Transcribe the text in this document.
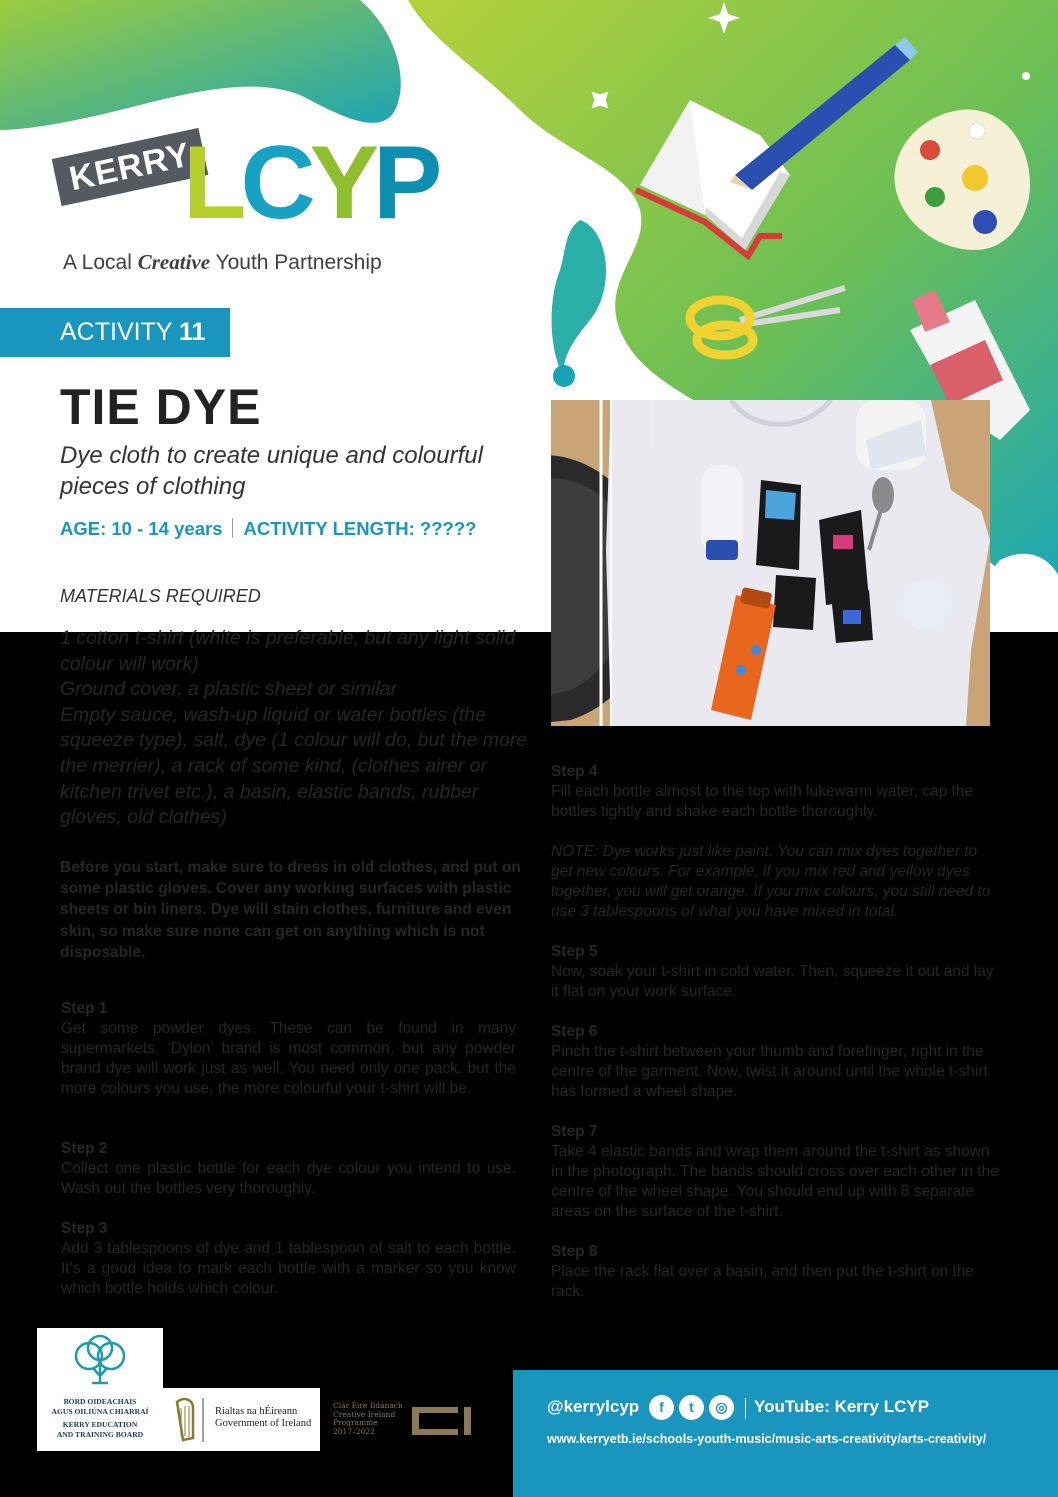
KERRY
LCYP
A Local Creative Youth Partnership
ACTIVITY 11
TIE DYE

Dye cloth to create unique and colourful pieces of clothing

AGE: 10 - 14 years ACTIVITY LENGTH: ?????
MATERIALS REQUIRED
1 cotton t-shirt (white is preferable, but any light solid colour will work)
Ground cover, a plastic sheet or similar
Empty sauce, wash-up liquid or water bottles (the squeeze type), salt, dye (1 colour will do, but the more the merrier), a rack of some kind, (clothes airer or kitchen trivet etc.), a basin, elastic bands, rubber gloves, old clothes)

Before you start, make sure to dress in old clothes, and put on some plastic gloves. Cover any working surfaces with plastic sheets or bin liners. Dye will stain clothes, furniture and even skin, so make sure none can get on anything which is not disposable.

Step 1

Get some powder dyes. These can be found in many supermarkets. ‘Dylon’ brand is most common, but any powder brand dye will work just as well. You need only one pack, but the more colours you use, the more colourful your t-shirt will be.

Step 2

Collect one plastic bottle for each dye colour you intend to use. Wash out the bottles very thoroughly.

Step 3

Add 3 tablespoons of dye and 1 tablespoon of salt to each bottle. It’s a good idea to mark each bottle with a marker so you know which bottle holds which colour.

Step 4

Fill each bottle almost to the top with lukewarm water, cap the bottles tightly and shake each bottle thoroughly.

NOTE: Dye works just like paint. You can mix dyes together to get new colours. For example, if you mix red and yellow dyes together, you will get orange. If you mix colours, you still need to use 3 tablespoons of what you have mixed in total.

Step 5

Now, soak your t-shirt in cold water. Then, squeeze it out and lay it flat on your work surface.

Step 6

Pinch the t-shirt between your thumb and forefinger, right in the centre of the garment. Now, twist it around until the whole t-shirt has formed a wheel shape.

Step 7

Take 4 elastic bands and wrap them around the t-shirt as shown in the photograph. The bands should cross over each other in the centre of the wheel shape. You should end up with 8 separate areas on the surface of the t-shirt.

Step 8

Place the rack flat over a basin, and then put the t-shirt on the rack.

BORD OIDEACHAIS
AGUS OILIÚNA CHIARRAÍ
KERRY EDUCATION
AND TRAINING BOARD
Rialtas na hÉireann
Government of Ireland
Clár Éire Ildánach
Creative Ireland
Programme
2017–2022
@kerrylcyp	f	t	◎	YouTube: Kerry LCYP
www.kerryetb.ie/schools-youth-music/music-arts-creativity/arts-creativity/
